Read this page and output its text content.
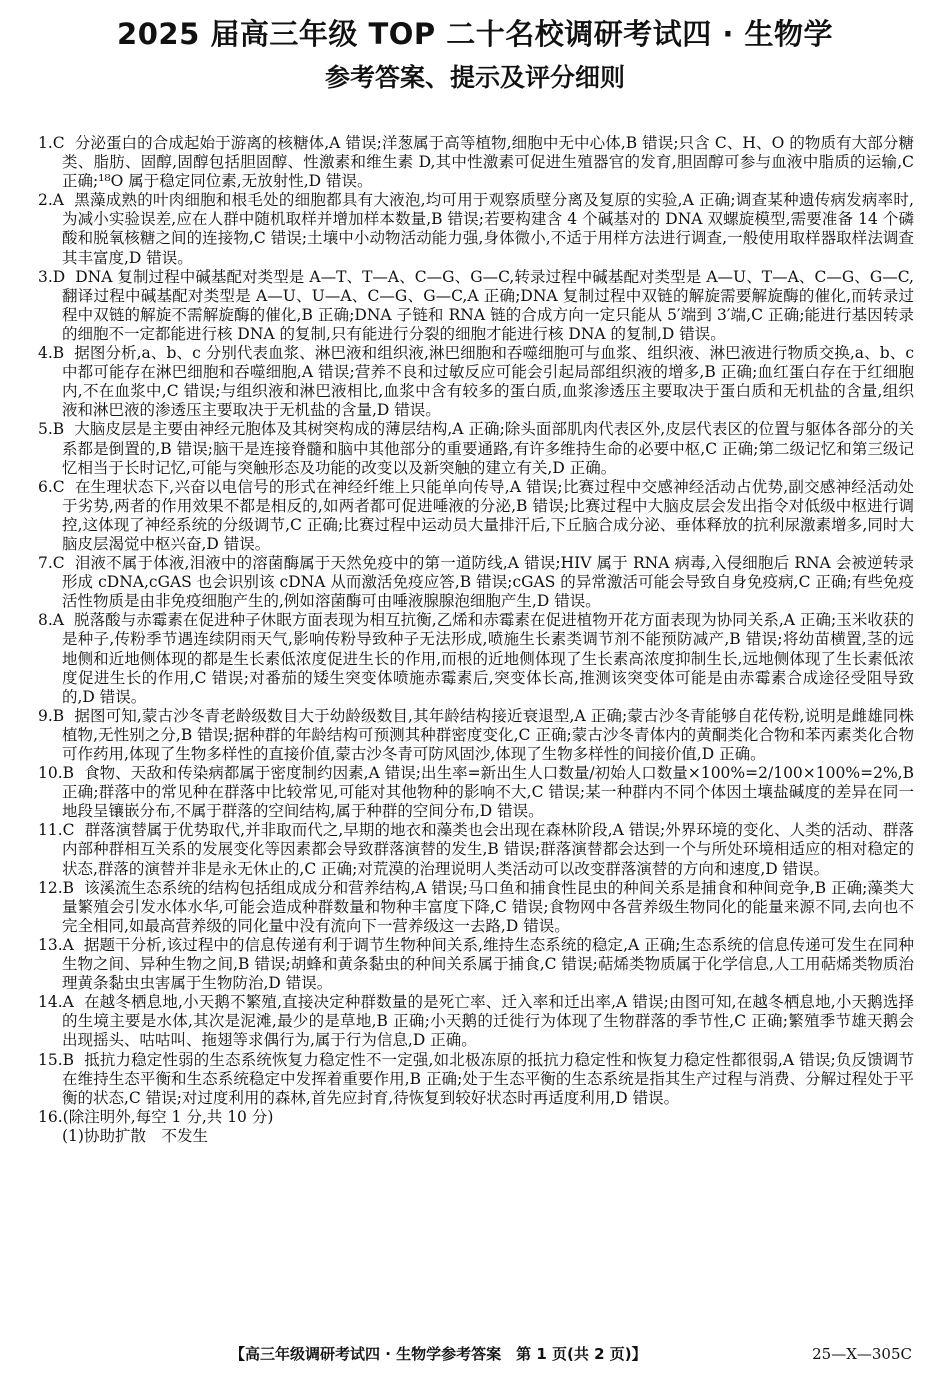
2025 届高三年级 TOP 二十名校调研考试四 · 生物学
参考答案、提示及评分细则

1.C 分泌蛋白的合成起始于游离的核糖体,A 错误;洋葱属于高等植物,细胞中无中心体,B 错误;只含 C、H、O 的物质有大部分糖类、脂肪、固醇,固醇包括胆固醇、性激素和维生素 D,其中性激素可促进生殖器官的发育,胆固醇可参与血液中脂质的运输,C 正确;¹⁸O 属于稳定同位素,无放射性,D 错误。

2.A 黑藻成熟的叶肉细胞和根毛处的细胞都具有大液泡,均可用于观察质壁分离及复原的实验,A 正确;调查某种遗传病发病率时,为减小实验误差,应在人群中随机取样并增加样本数量,B 错误;若要构建含 4 个碱基对的 DNA 双螺旋模型,需要准备 14 个磷酸和脱氧核糖之间的连接物,C 错误;土壤中小动物活动能力强,身体微小,不适于用样方法进行调查,一般使用取样器取样法调查其丰富度,D 错误。

3.D DNA 复制过程中碱基配对类型是 A—T、T—A、C—G、G—C,转录过程中碱基配对类型是 A—U、T—A、C—G、G—C,翻译过程中碱基配对类型是 A—U、U—A、C—G、G—C,A 正确;DNA 复制过程中双链的解旋需要解旋酶的催化,而转录过程中双链的解旋不需解旋酶的催化,B 正确;DNA 子链和 RNA 链的合成方向一定只能从 5′端到 3′端,C 正确;能进行基因转录的细胞不一定都能进行核 DNA 的复制,只有能进行分裂的细胞才能进行核 DNA 的复制,D 错误。

4.B 据图分析,a、b、c 分别代表血浆、淋巴液和组织液,淋巴细胞和吞噬细胞可与血浆、组织液、淋巴液进行物质交换,a、b、c 中都可能存在淋巴细胞和吞噬细胞,A 错误;营养不良和过敏反应可能会引起局部组织液的增多,B 正确;血红蛋白存在于红细胞内,不在血浆中,C 错误;与组织液和淋巴液相比,血浆中含有较多的蛋白质,血浆渗透压主要取决于蛋白质和无机盐的含量,组织液和淋巴液的渗透压主要取决于无机盐的含量,D 错误。

5.B 大脑皮层是主要由神经元胞体及其树突构成的薄层结构,A 正确;除头面部肌肉代表区外,皮层代表区的位置与躯体各部分的关系都是倒置的,B 错误;脑干是连接脊髓和脑中其他部分的重要通路,有许多维持生命的必要中枢,C 正确;第二级记忆和第三级记忆相当于长时记忆,可能与突触形态及功能的改变以及新突触的建立有关,D 正确。

6.C 在生理状态下,兴奋以电信号的形式在神经纤维上只能单向传导,A 错误;比赛过程中交感神经活动占优势,副交感神经活动处于劣势,两者的作用效果不都是相反的,如两者都可促进唾液的分泌,B 错误;比赛过程中大脑皮层会发出指令对低级中枢进行调控,这体现了神经系统的分级调节,C 正确;比赛过程中运动员大量排汗后,下丘脑合成分泌、垂体释放的抗利尿激素增多,同时大脑皮层渴觉中枢兴奋,D 错误。

7.C 泪液不属于体液,泪液中的溶菌酶属于天然免疫中的第一道防线,A 错误;HIV 属于 RNA 病毒,入侵细胞后 RNA 会被逆转录形成 cDNA,cGAS 也会识别该 cDNA 从而激活免疫应答,B 错误;cGAS 的异常激活可能会导致自身免疫病,C 正确;有些免疫活性物质是由非免疫细胞产生的,例如溶菌酶可由唾液腺腺泡细胞产生,D 错误。

8.A 脱落酸与赤霉素在促进种子休眠方面表现为相互抗衡,乙烯和赤霉素在促进植物开花方面表现为协同关系,A 正确;玉米收获的是种子,传粉季节遇连续阴雨天气,影响传粉导致种子无法形成,喷施生长素类调节剂不能预防减产,B 错误;将幼苗横置,茎的远地侧和近地侧体现的都是生长素低浓度促进生长的作用,而根的近地侧体现了生长素高浓度抑制生长,远地侧体现了生长素低浓度促进生长的作用,C 错误;对番茄的矮生突变体喷施赤霉素后,突变体长高,推测该突变体可能是由赤霉素合成途径受阻导致的,D 错误。

9.B 据图可知,蒙古沙冬青老龄级数目大于幼龄级数目,其年龄结构接近衰退型,A 正确;蒙古沙冬青能够自花传粉,说明是雌雄同株植物,无性别之分,B 错误;据种群的年龄结构可预测其种群密度变化,C 正确;蒙古沙冬青体内的黄酮类化合物和苯丙素类化合物可作药用,体现了生物多样性的直接价值,蒙古沙冬青可防风固沙,体现了生物多样性的间接价值,D 正确。

10.B 食物、天敌和传染病都属于密度制约因素,A 错误;出生率=新出生人口数量/初始人口数量×100%=2/100×100%=2%,B 正确;群落中的常见种在群落中比较常见,可能对其他物种的影响不大,C 错误;某一种群内不同个体因土壤盐碱度的差异在同一地段呈镶嵌分布,不属于群落的空间结构,属于种群的空间分布,D 错误。

11.C 群落演替属于优势取代,并非取而代之,早期的地衣和藻类也会出现在森林阶段,A 错误;外界环境的变化、人类的活动、群落内部种群相互关系的发展变化等因素都会导致群落演替的发生,B 错误;群落演替都会达到一个与所处环境相适应的相对稳定的状态,群落的演替并非是永无休止的,C 正确;对荒漠的治理说明人类活动可以改变群落演替的方向和速度,D 错误。

12.B 该溪流生态系统的结构包括组成成分和营养结构,A 错误;马口鱼和捕食性昆虫的种间关系是捕食和种间竞争,B 正确;藻类大量繁殖会引发水体水华,可能会造成种群数量和物种丰富度下降,C 错误;食物网中各营养级生物同化的能量来源不同,去向也不完全相同,如最高营养级的同化量中没有流向下一营养级这一去路,D 错误。

13.A 据题干分析,该过程中的信息传递有利于调节生物种间关系,维持生态系统的稳定,A 正确;生态系统的信息传递可发生在同种生物之间、异种生物之间,B 错误;胡蜂和黄条黏虫的种间关系属于捕食,C 错误;萜烯类物质属于化学信息,人工用萜烯类物质治理黄条黏虫虫害属于生物防治,D 错误。

14.A 在越冬栖息地,小天鹅不繁殖,直接决定种群数量的是死亡率、迁入率和迁出率,A 错误;由图可知,在越冬栖息地,小天鹅选择的生境主要是水体,其次是泥滩,最少的是草地,B 正确;小天鹅的迁徙行为体现了生物群落的季节性,C 正确;繁殖季节雄天鹅会出现摇头、咕咕叫、拖翅等求偶行为,属于行为信息,D 正确。

15.B 抵抗力稳定性弱的生态系统恢复力稳定性不一定强,如北极冻原的抵抗力稳定性和恢复力稳定性都很弱,A 错误;负反馈调节在维持生态平衡和生态系统稳定中发挥着重要作用,B 正确;处于生态平衡的生态系统是指其生产过程与消费、分解过程处于平衡的状态,C 错误;对过度利用的森林,首先应封育,待恢复到较好状态时再适度利用,D 错误。

16.(除注明外,每空 1 分,共 10 分)

(1)协助扩散　不发生

【高三年级调研考试四 · 生物学参考答案　第 1 页(共 2 页)】	25—X—305C
